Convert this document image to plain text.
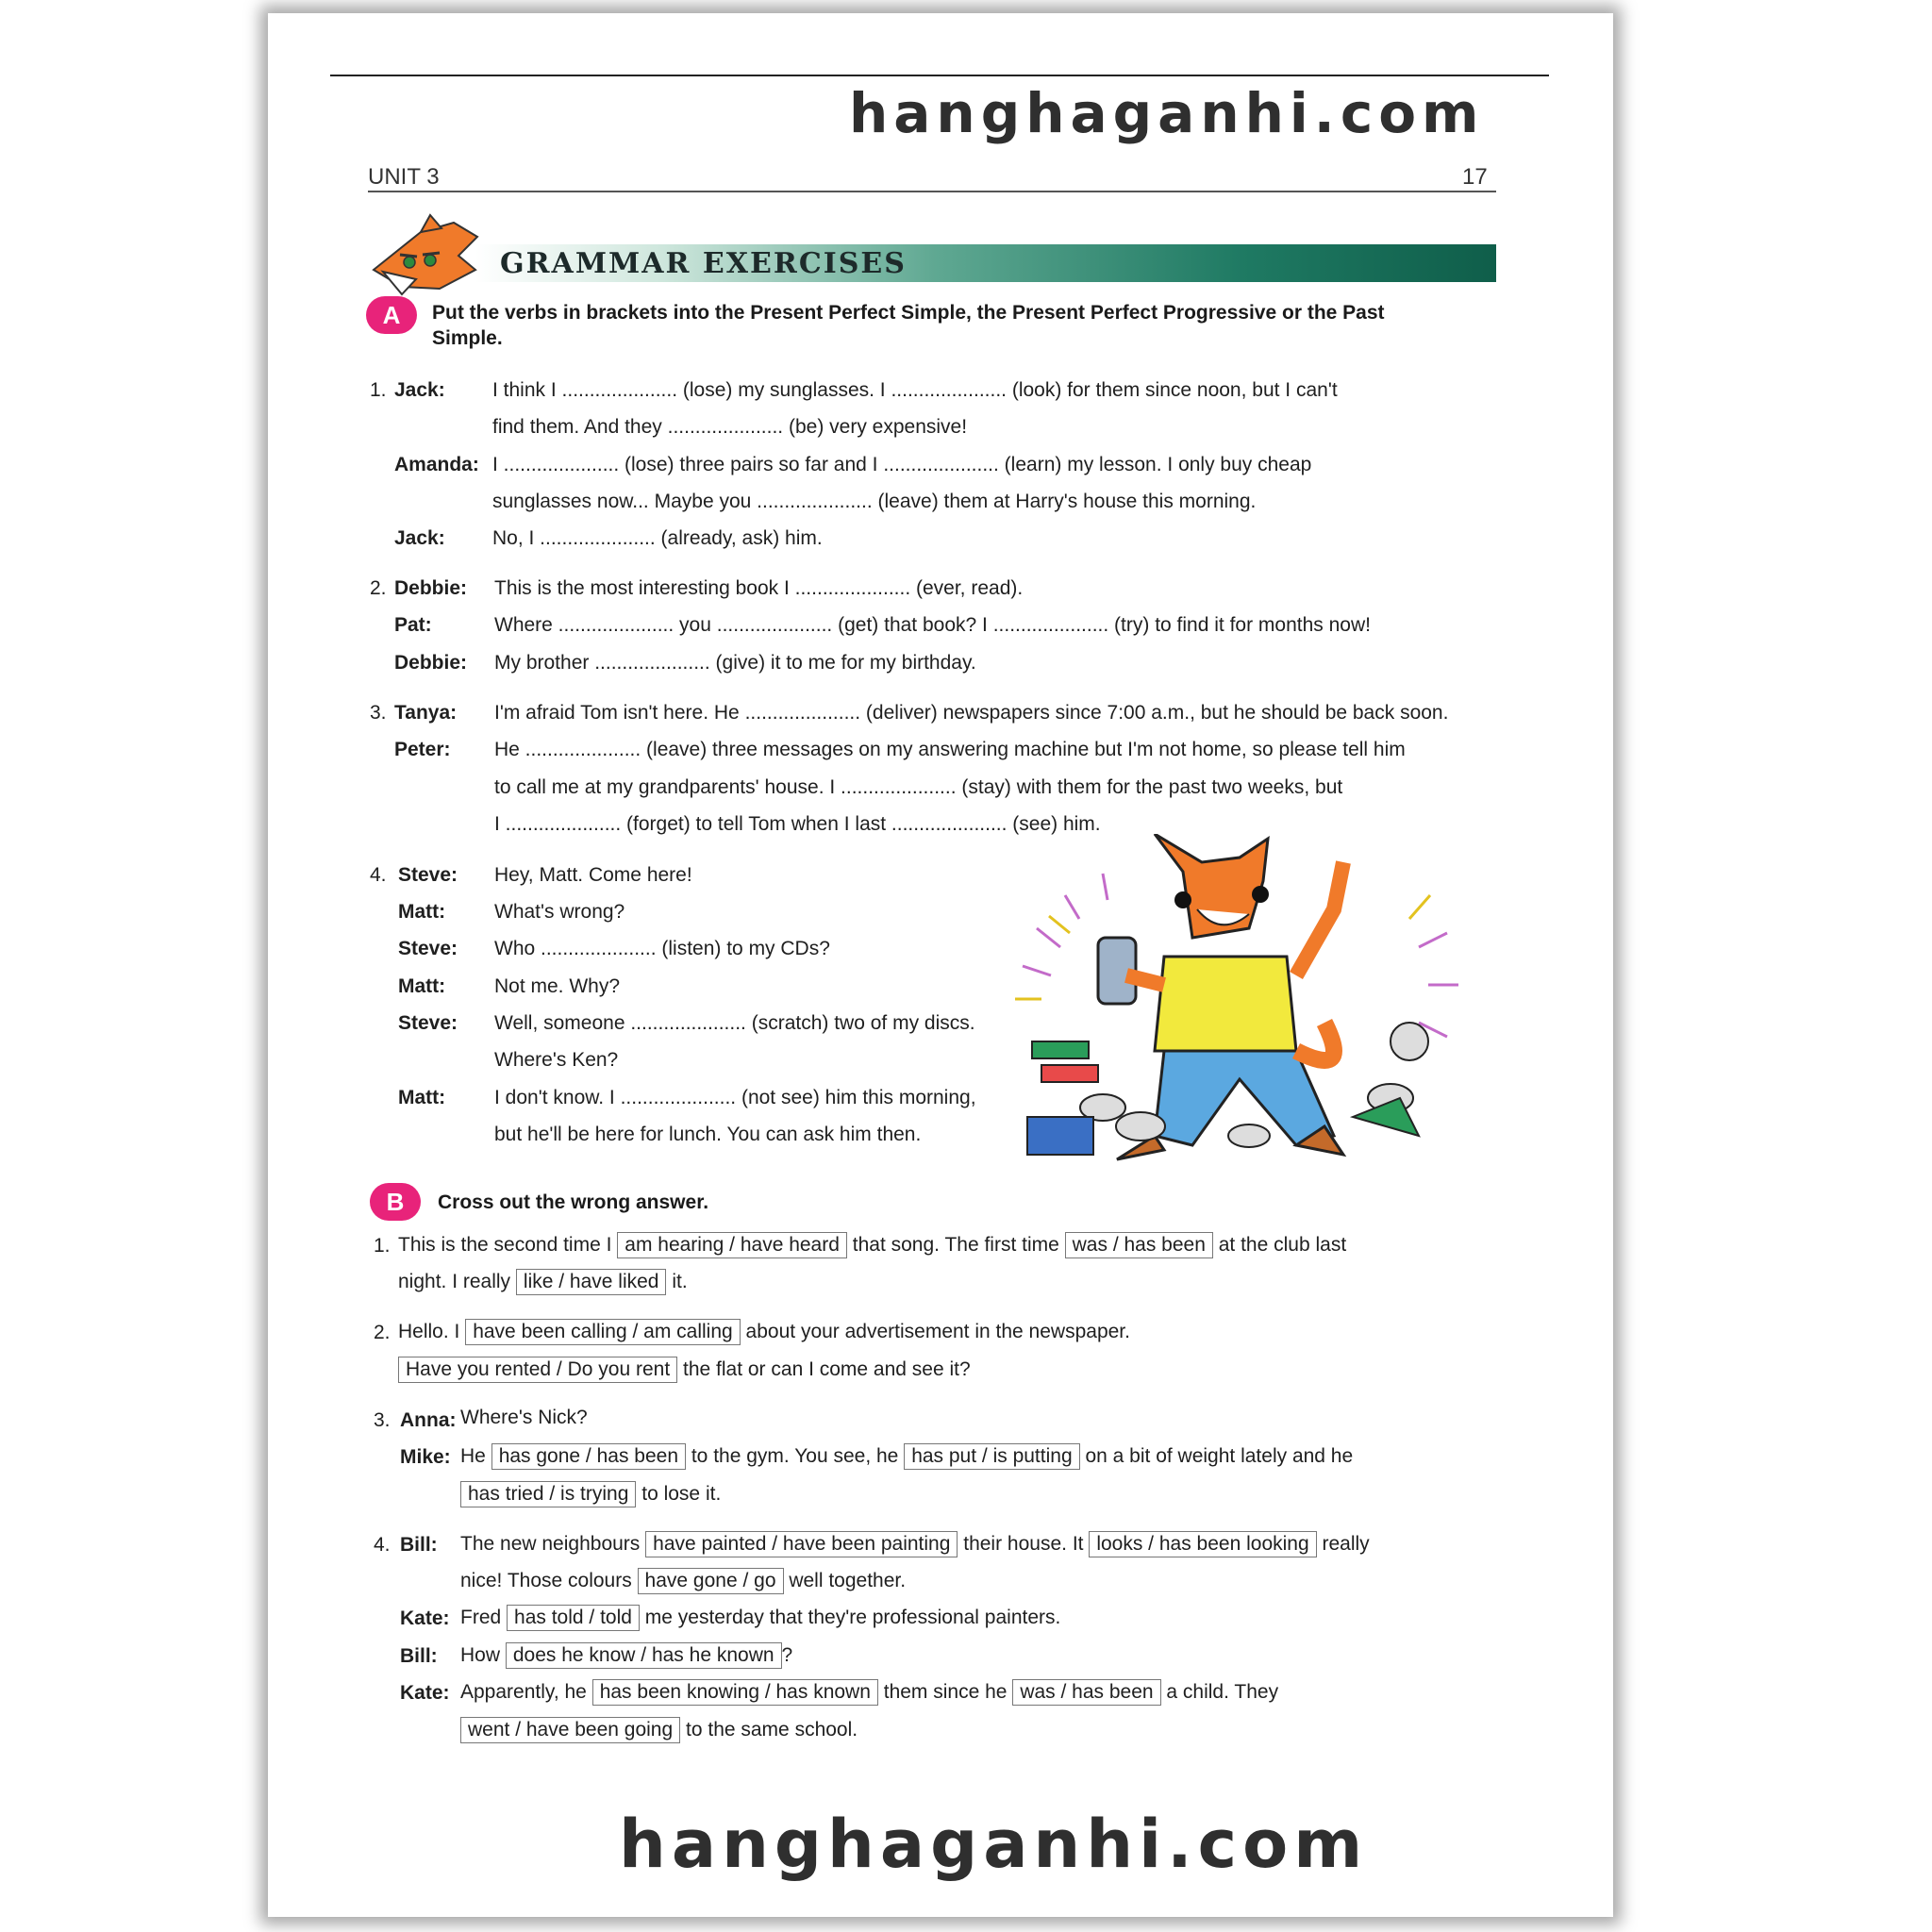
hanghaganhi.com
UNIT 3	17
GRAMMAR EXERCISES
A	Put the verbs in brackets into the Present Perfect Simple, the Present Perfect Progressive or the Past
Simple.
1. Jack: I think I ..................... (lose) my sunglasses. I ..................... (look) for them since noon, but I can't
find them. And they ..................... (be) very expensive!
Amanda: I ..................... (lose) three pairs so far and I ..................... (learn) my lesson. I only buy cheap
sunglasses now... Maybe you ..................... (leave) them at Harry's house this morning.
Jack: No, I ..................... (already, ask) him.
2. Debbie: This is the most interesting book I ..................... (ever, read).
Pat:	Where ..................... you ..................... (get) that book? I ..................... (try) to find it for months now!
Debbie: My brother ..................... (give) it to me for my birthday.
3. Tanya: I'm afraid Tom isn't here. He ..................... (deliver) newspapers since 7:00 a.m., but he should be back soon.
Peter: He ..................... (leave) three messages on my answering machine but I'm not home, so please tell him
to call me at my grandparents' house. I ..................... (stay) with them for the past two weeks, but
I ..................... (forget) to tell Tom when I last ..................... (see) him.
4. Steve: Hey, Matt. Come here!
Matt: What's wrong?
Steve: Who ..................... (listen) to my CDs?
Matt: Not me. Why?
Steve: Well, someone ..................... (scratch) two of my discs.
Where's Ken?
Matt: I don't know. I ..................... (not see) him this morning,
but he'll be here for lunch. You can ask him then.
B	Cross out the wrong answer.
1. This is the second time I am hearing / have heard that song. The first time was / has been at the club last
night. I really like / have liked it.
2. Hello. I have been calling / am calling about your advertisement in the newspaper.
Have you rented / Do you rent the flat or can I come and see it?
3. Anna: Where's Nick?
Mike: He has gone / has been to the gym. You see, he has put / is putting on a bit of weight lately and he
has tried / is trying to lose it.
4. Bill: The new neighbours have painted / have been painting their house. It looks / has been looking really
nice! Those colours have gone / go well together.
Kate: Fred has told / told me yesterday that they're professional painters.
Bill: How does he know / has he known ?
Kate: Apparently, he has been knowing / has known them since he was / has been a child. They
went / have been going to the same school.
hanghaganhi.com
